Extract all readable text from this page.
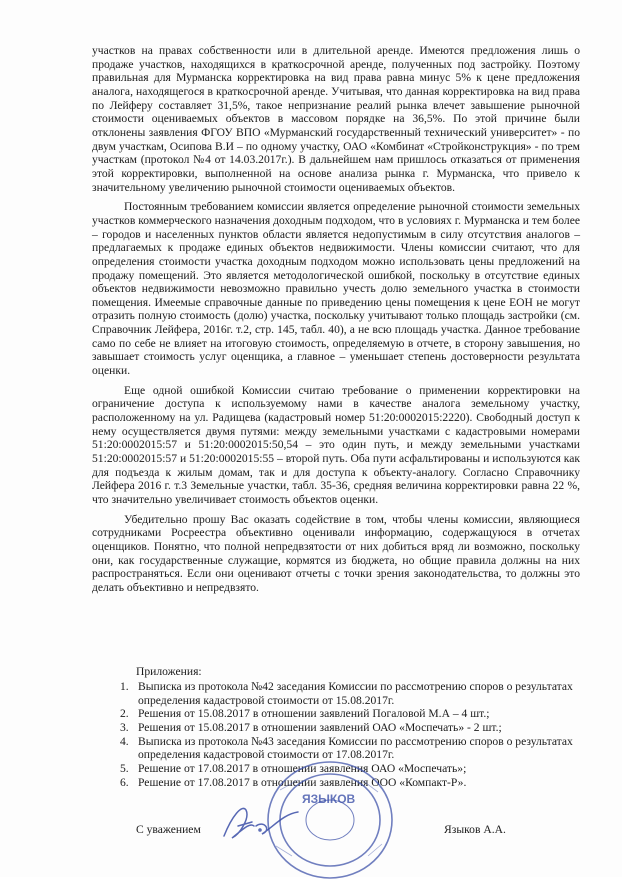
участков на правах собственности или в длительной аренде. Имеются предложения лишь о продаже участков, находящихся в краткосрочной аренде, полученных под застройку. Поэтому правильная для Мурманска корректировка на вид права равна минус 5% к цене предложения аналога, находящегося в краткосрочной аренде. Учитывая, что данная корректировка на вид права по Лейферу составляет 31,5%, такое непризнание реалий рынка влечет завышение рыночной стоимости оцениваемых объектов в массовом порядке на 36,5%. По этой причине были отклонены заявления ФГОУ ВПО «Мурманский государственный технический университет» - по двум участкам, Осипова В.И – по одному участку, ОАО «Комбинат «Стройконструкция» - по трем участкам (протокол №4 от 14.03.2017г.). В дальнейшем нам пришлось отказаться от применения этой корректировки, выполненной на основе анализа рынка г. Мурманска, что привело к значительному увеличению рыночной стоимости оцениваемых объектов.

Постоянным требованием комиссии является определение рыночной стоимости земельных участков коммерческого назначения доходным подходом, что в условиях г. Мурманска и тем более – городов и населенных пунктов области является недопустимым в силу отсутствия аналогов – предлагаемых к продаже единых объектов недвижимости. Члены комиссии считают, что для определения стоимости участка доходным подходом можно использовать цены предложений на продажу помещений. Это является методологической ошибкой, поскольку в отсутствие единых объектов недвижимости невозможно правильно учесть долю земельного участка в стоимости помещения. Имеемые справочные данные по приведению цены помещения к цене ЕОН не могут отразить полную стоимость (долю) участка, поскольку учитывают только площадь застройки (см. Справочник Лейфера, 2016г. т.2, стр. 145, табл. 40), а не всю площадь участка. Данное требование само по себе не влияет на итоговую стоимость, определяемую в отчете, в сторону завышения, но завышает стоимость услуг оценщика, а главное – уменьшает степень достоверности результата оценки.

Еще одной ошибкой Комиссии считаю требование о применении корректировки на ограничение доступа к используемому нами в качестве аналога земельному участку, расположенному на ул. Радищева (кадастровый номер 51:20:0002015:2220). Свободный доступ к нему осуществляется двумя путями: между земельными участками с кадастровыми номерами 51:20:0002015:57 и 51:20:0002015:50,54 – это один путь, и между земельными участками 51:20:0002015:57 и 51:20:0002015:55 – второй путь. Оба пути асфальтированы и используются как для подъезда к жилым домам, так и для доступа к объекту-аналогу. Согласно Справочнику Лейфера 2016 г. т.3 Земельные участки, табл. 35-36, средняя величина корректировки равна 22 %, что значительно увеличивает стоимость объектов оценки.

Убедительно прошу Вас оказать содействие в том, чтобы члены комиссии, являющиеся сотрудниками Росреестра объективно оценивали информацию, содержащуюся в отчетах оценщиков. Понятно, что полной непредвзятости от них добиться вряд ли возможно, поскольку они, как государственные служащие, кормятся из бюджета, но общие правила должны на них распространяться. Если они оценивают отчеты с точки зрения законодательства, то должны это делать объективно и непредвзято.

Приложения:
1. Выписка из протокола №42 заседания Комиссии по рассмотрению споров о результатах определения кадастровой стоимости от 15.08.2017г.
2. Решения от 15.08.2017 в отношении заявлений Погаловой М.А – 4 шт.;
3. Решения от 15.08.2017 в отношении заявлений ОАО «Моспечать» - 2 шт.;
4. Выписка из протокола №43 заседания Комиссии по рассмотрению споров о результатах определения кадастровой стоимости от 17.08.2017г.
5. Решение от 17.08.2017 в отношении заявления ОАО «Моспечать»;
6. Решение от 17.08.2017 в отношении заявления ООО «Компакт-Р».
ЯЗЫКОВ
С уважением	Языков А.А.
